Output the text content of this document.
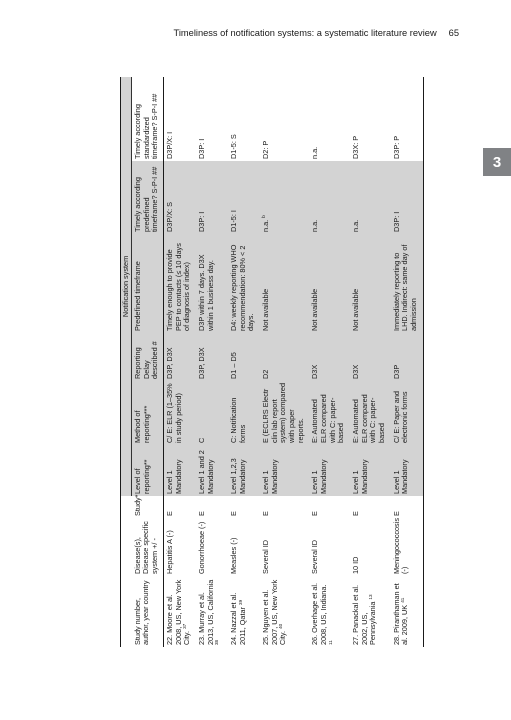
Timeliness of notification systems: a systematic literature review 65
3
			Notification system					
Study number, author, year country	Disease(s), Disease specific system +/ -	Study*	Level of reporting**	Method of reporting***	Reporting Delay described #	Predefined timeframe	Timely according predefined timeframe? S-P-I ##	Timely according standardized timeframe? S-P-I ##
22. Moore et al. 2008, US, New York City. $^{37}$	Hepatitis A (-)	E	Level 1 Mandatory	C/ E: ELR (1–35% in study period)	D3P, D3X	Timely enough to provide PEP to contacts (≤ 10 days of diagnosis of index)	D3P/X: S	D3P/X: I
23. Murray et al. 2013, US, California $^{38}$	Gonorrhoeae (-)	E	Level 1 and 2 Mandatory	C	D3P, D3X	D3P within 7 days. D3X within 1 business day.	D3P: I	D3P: I
24. Nazzal et al. 2011, Qatar $^{39}$	Measles (-)	E	Level 1,2,3 Mandatory	C: Notification forms	D1 – D5	D4: weekly reporting WHO recommendation: 80% < 2 days.	D1-5: I	D1-5: S
25. Nguyen et al. 2007, US, New York City. $^{40}$	Several ID	E	Level 1 Mandatory	E (ECLRS Electr clin lab report system) compared with paper reports.	D2	Not available	n.a. $^b$	D2: P
26. Overhage et al. 2008, US, Indiana. $^{11}$	Several ID	E	Level 1 Mandatory	E: Automated ELR compared with C: paper-based	D3X	Not available	n.a.	n.a.
27. Panackal et al. 2002, US, Pennsylvania $^{13}$	10 ID	E	Level 1 Mandatory	E: Automated ELR compared with C: paper-based	D3X	Not available	n.a.	D3X: P
28. Piranthaman et al. 2009, UK $^{41}$	Meningococcosis (-)	E	Level 1 Mandatory	C/ E: Paper and electronic forms	D3P	Immediately reporting to LHD. Indirect: same day of admission	D3P: I	D3P: P
